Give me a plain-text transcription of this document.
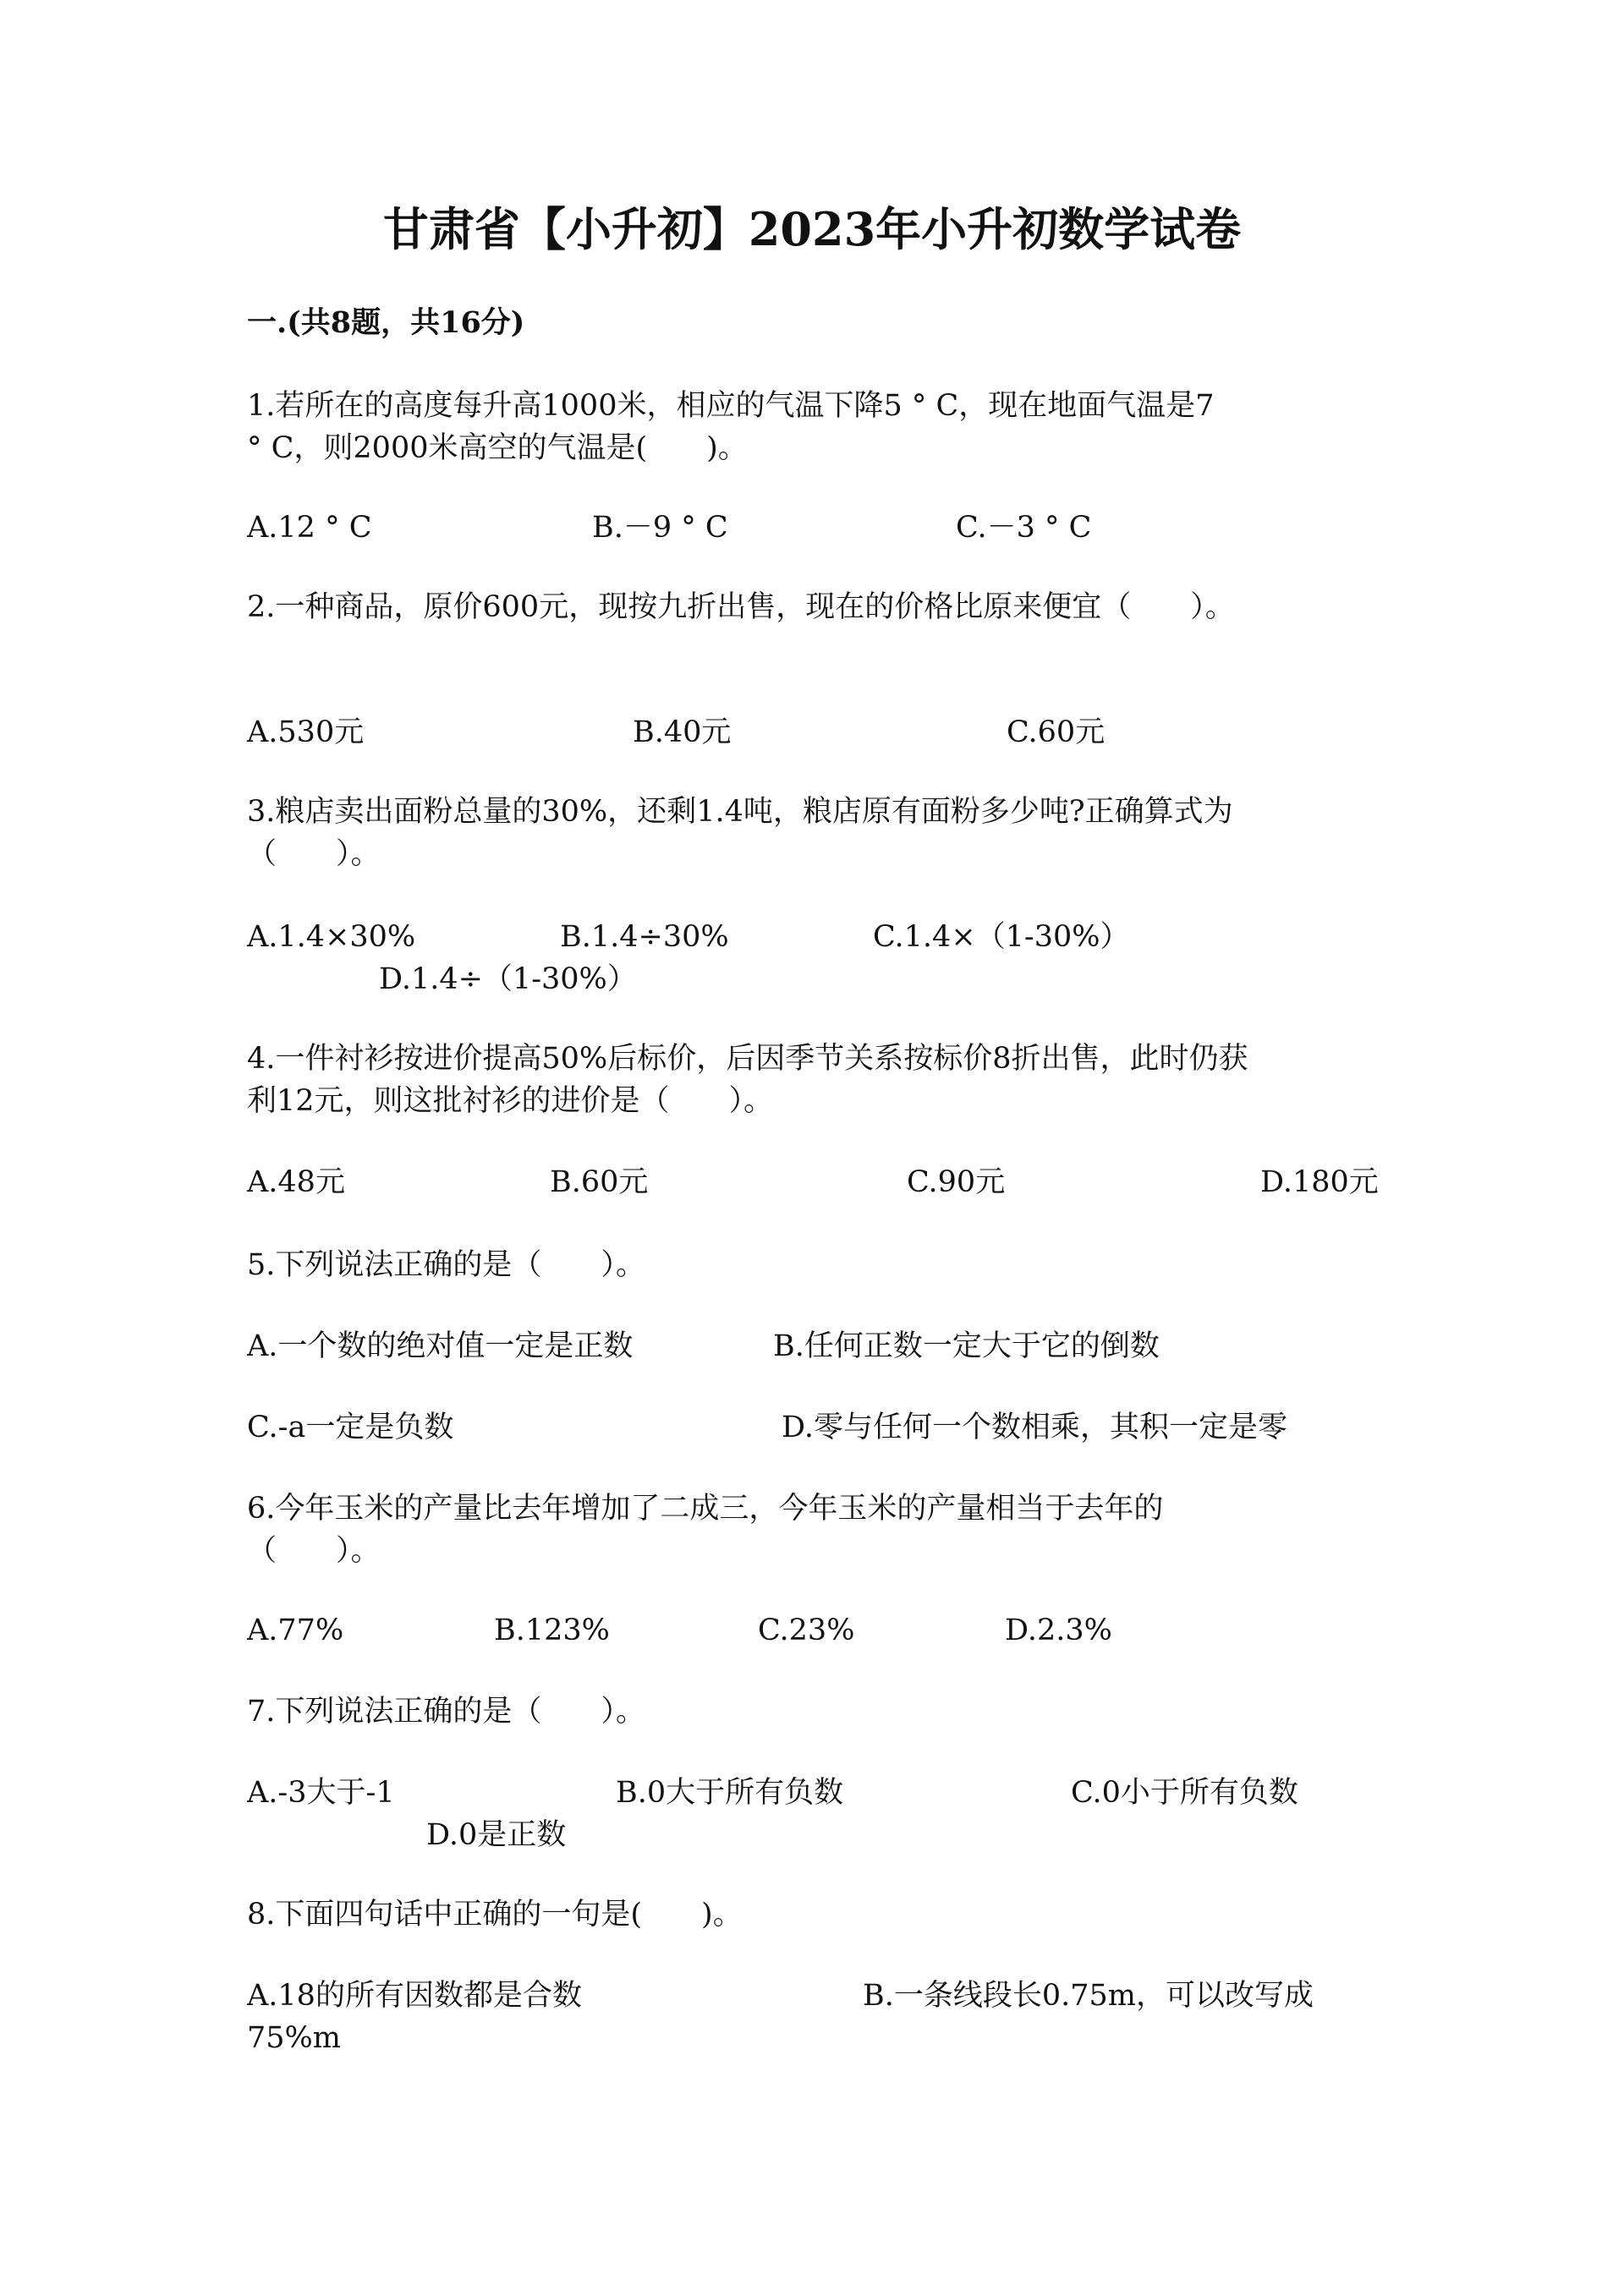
甘肃省【小升初】2023年小升初数学试卷
一.(共8题，共16分)
1.若所在的高度每升高1000米，相应的气温下降5 ° C，现在地面气温是7
° C，则2000米高空的气温是(　　)。
A.12 ° C	B.－9 ° C	C.－3 ° C
2.一种商品，原价600元，现按九折出售，现在的价格比原来便宜（　　）。
A.530元	B.40元	C.60元
3.粮店卖出面粉总量的30%，还剩1.4吨，粮店原有面粉多少吨?正确算式为
（　　）。
A.1.4×30%	B.1.4÷30%	C.1.4×（1-30%）
D.1.4÷（1-30%）
4.一件衬衫按进价提高50%后标价，后因季节关系按标价8折出售，此时仍获
利12元，则这批衬衫的进价是（　　）。
A.48元	B.60元	C.90元	D.180元
5.下列说法正确的是（　　）。
A.一个数的绝对值一定是正数	B.任何正数一定大于它的倒数
C.-a一定是负数	D.零与任何一个数相乘，其积一定是零
6.今年玉米的产量比去年增加了二成三，今年玉米的产量相当于去年的
（　　）。
A.77%	B.123%	C.23%	D.2.3%
7.下列说法正确的是（　　）。
A.-3大于-1	B.0大于所有负数	C.0小于所有负数
D.0是正数
8.下面四句话中正确的一句是(　　)。
A.18的所有因数都是合数	B.一条线段长0.75m，可以改写成
75%m
